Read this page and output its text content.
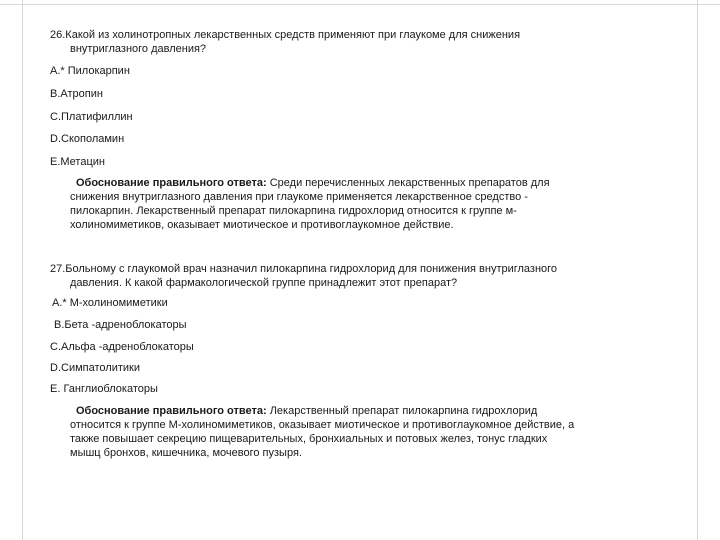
26.Какой из холинотропных лекарственных средств применяют при глаукоме для снижения
внутриглазного давления?
A.* Пилокарпин
B.Атропин
C.Платифиллин
D.Скополамин
E.Метацин
Обоснование правильного ответа: Среди перечисленных лекарственных препаратов для
снижения внутриглазного давления при глаукоме применяется лекарственное средство -
пилокарпин. Лекарственный препарат пилокарпина гидрохлорид относится к группе м-
холиномиметиков, оказывает миотическое и противоглаукомное действие.
27.Больному с глаукомой врач назначил пилокарпина гидрохлорид для понижения внутриглазного
давления. К какой фармакологической группе принадлежит этот препарат?
A.* М-холиномиметики
B.Бета -адреноблокаторы
C.Альфа -адреноблокаторы
D.Симпатолитики
E. Ганглиоблокаторы
Обоснование правильного ответа: Лекарственный препарат пилокарпина гидрохлорид
относится к группе М-холиномиметиков, оказывает миотическое и противоглаукомное действие, а
также повышает секрецию пищеварительных, бронхиальных и потовых желез, тонус гладких
мышц бронхов, кишечника, мочевого пузыря.
